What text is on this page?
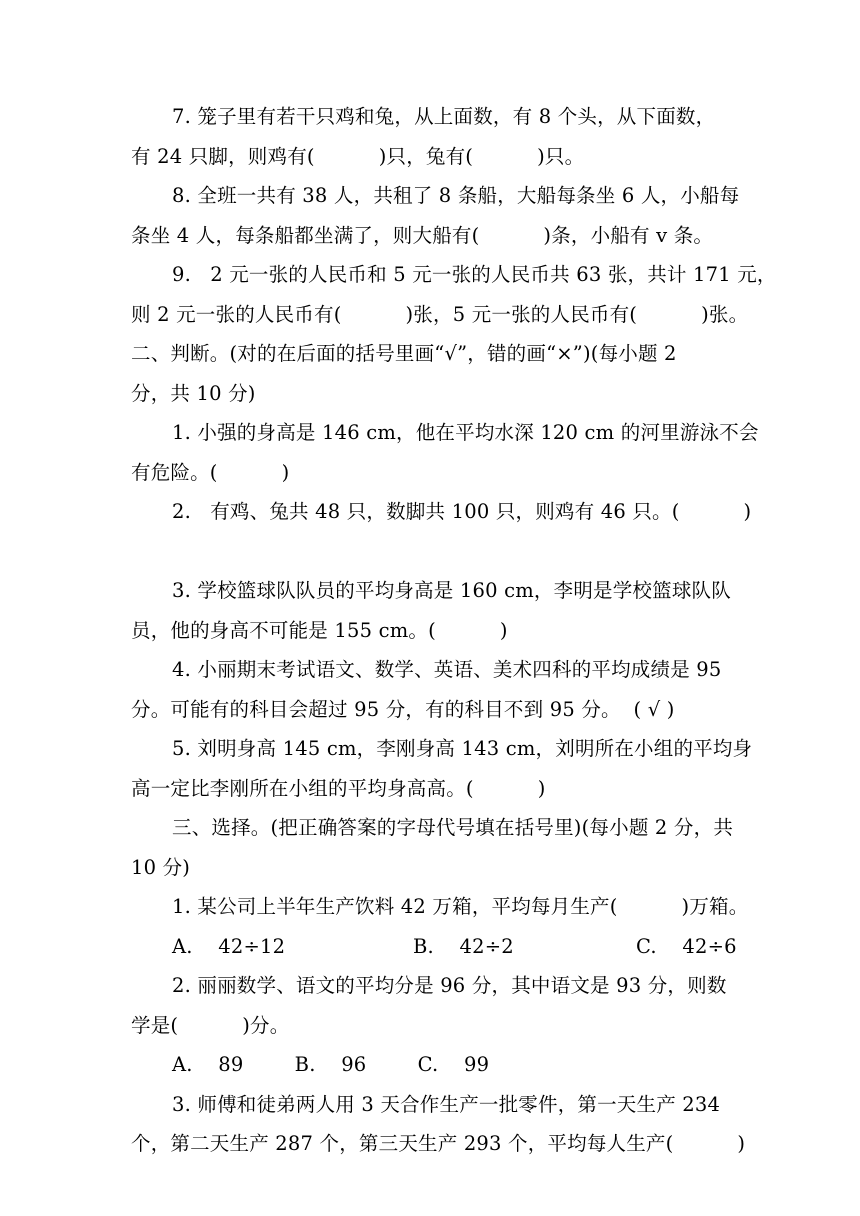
7. 笼子里有若干只鸡和兔，从上面数，有 8 个头，从下面数，
有 24 只脚，则鸡有(          )只，兔有(          )只。
8. 全班一共有 38 人，共租了 8 条船，大船每条坐 6 人，小船每
条坐 4 人，每条船都坐满了，则大船有(          )条，小船有 v 条。
9.   2 元一张的人民币和 5 元一张的人民币共 63 张，共计 171 元，
则 2 元一张的人民币有(          )张，5 元一张的人民币有(          )张。
二、判断。(对的在后面的括号里画“√”，错的画“×”)(每小题 2
分，共 10 分)
1. 小强的身高是 146 cm，他在平均水深 120 cm 的河里游泳不会
有危险。(          )
2.   有鸡、兔共 48 只，数脚共 100 只，则鸡有 46 只。(          )
3. 学校篮球队队员的平均身高是 160 cm，李明是学校篮球队队
员，他的身高不可能是 155 cm。(          )
4. 小丽期末考试语文、数学、英语、美术四科的平均成绩是 95
分。可能有的科目会超过 95 分，有的科目不到 95 分。  ( √ )
5. 刘明身高 145 cm，李刚身高 143 cm，刘明所在小组的平均身
高一定比李刚所在小组的平均身高高。(          )
三、选择。(把正确答案的字母代号填在括号里)(每小题 2 分，共
10 分)
1. 某公司上半年生产饮料 42 万箱，平均每月生产(          )万箱。
A.    42÷12	B.    42÷2	C.    42÷6
2. 丽丽数学、语文的平均分是 96 分，其中语文是 93 分，则数
学是(          )分。
A.    89        B.    96        C.    99
3. 师傅和徒弟两人用 3 天合作生产一批零件，第一天生产 234
个，第二天生产 287 个，第三天生产 293 个，平均每人生产(          )
